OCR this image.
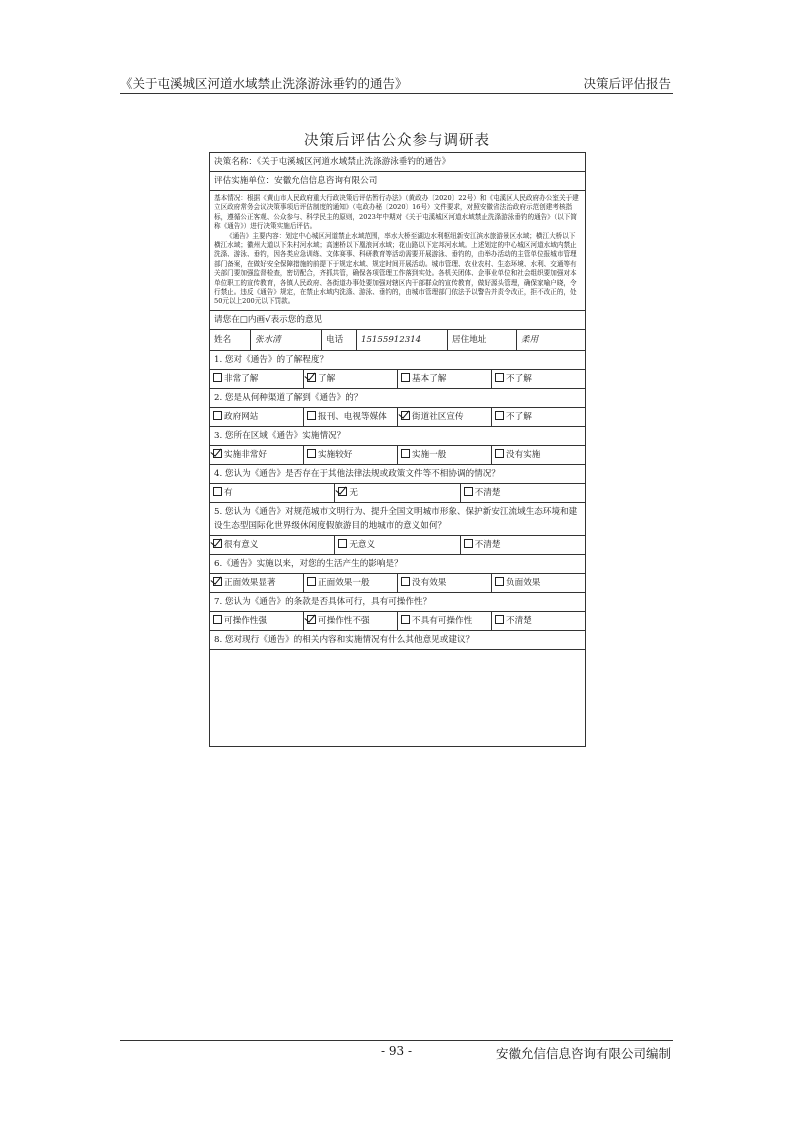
《关于屯溪城区河道水域禁止洗涤游泳垂钓的通告》	决策后评估报告
决策后评估公众参与调研表
决策名称：《关于屯溪城区河道水域禁止洗涤游泳垂钓的通告》
评估实施单位：安徽允信信息咨询有限公司

基本情况：根据《黄山市人民政府重大行政决策后评估暂行办法》（黄政办〔2020〕22号）和《屯溪区人民政府办公室关于建立区政府常务会议决策事项后评估制度的通知》（屯政办秘〔2020〕16号）文件要求，对照安徽省法治政府示范创建考核指标，遵循公正客观、公众参与、科学民主的原则，2023年中期对《关于屯溪城区河道水域禁止洗涤游泳垂钓的通告》（以下简称《通告》）进行决策实施后评估。

《通告》主要内容：划定中心城区河道禁止水域范围，率水大桥至湖边水利枢纽新安江滨水旅游景区水域；横江大桥以下横江水域；徽州大道以下朱村河水域；高速桥以下凰浪河水域；花山路以下定邦河水域。上述划定的中心城区河道水域内禁止洗涤、游泳、垂钓，因各类应急训练、文体赛事、科研教育等活动需要开展游泳、垂钓的，由举办活动的主管单位报城市管理部门备案，在做好安全保障措施的前提下于规定水域、规定时间开展活动。城市管理、农业农村、生态环境、水利、交通等有关部门要加强监督检查，密切配合，齐抓共管，确保各项管理工作落到实处。各机关团体、企事业单位和社会组织要加强对本单位职工的宣传教育，各镇人民政府、各街道办事处要加强对辖区内干部群众的宣传教育，做好源头管理，确保家喻户晓，令行禁止。违反《通告》规定，在禁止水域内洗涤、游泳、垂钓的，由城市管理部门依法予以警告并责令改正，拒不改正的，处50元以上200元以下罚款。

请您在□内画√表示您的意见
姓名	张水清	电话	15155912314	居住地址	柔用
1. 您对《通告》的了解程度？
非常了解	了解	基本了解	不了解
2. 您是从何种渠道了解到《通告》的？
政府网站	报刊、电视等媒体	街道社区宣传	不了解
3. 您所在区域《通告》实施情况？
实施非常好	实施较好	实施一般	没有实施
4. 您认为《通告》是否存在于其他法律法规或政策文件等不相协调的情况？
有	无	不清楚
5. 您认为《通告》对规范城市文明行为、提升全国文明城市形象、保护新安江流域生态环境和建设生态型国际化世界级休闲度假旅游目的地城市的意义如何？
很有意义	无意义	不清楚
6.《通告》实施以来，对您的生活产生的影响是？
正面效果显著	正面效果一般	没有效果	负面效果
7. 您认为《通告》的条款是否具体可行，具有可操作性？
可操作性强	可操作性不强	不具有可操作性	不清楚
8. 您对现行《通告》的相关内容和实施情况有什么其他意见或建议？
- 93 -	安徽允信信息咨询有限公司编制
